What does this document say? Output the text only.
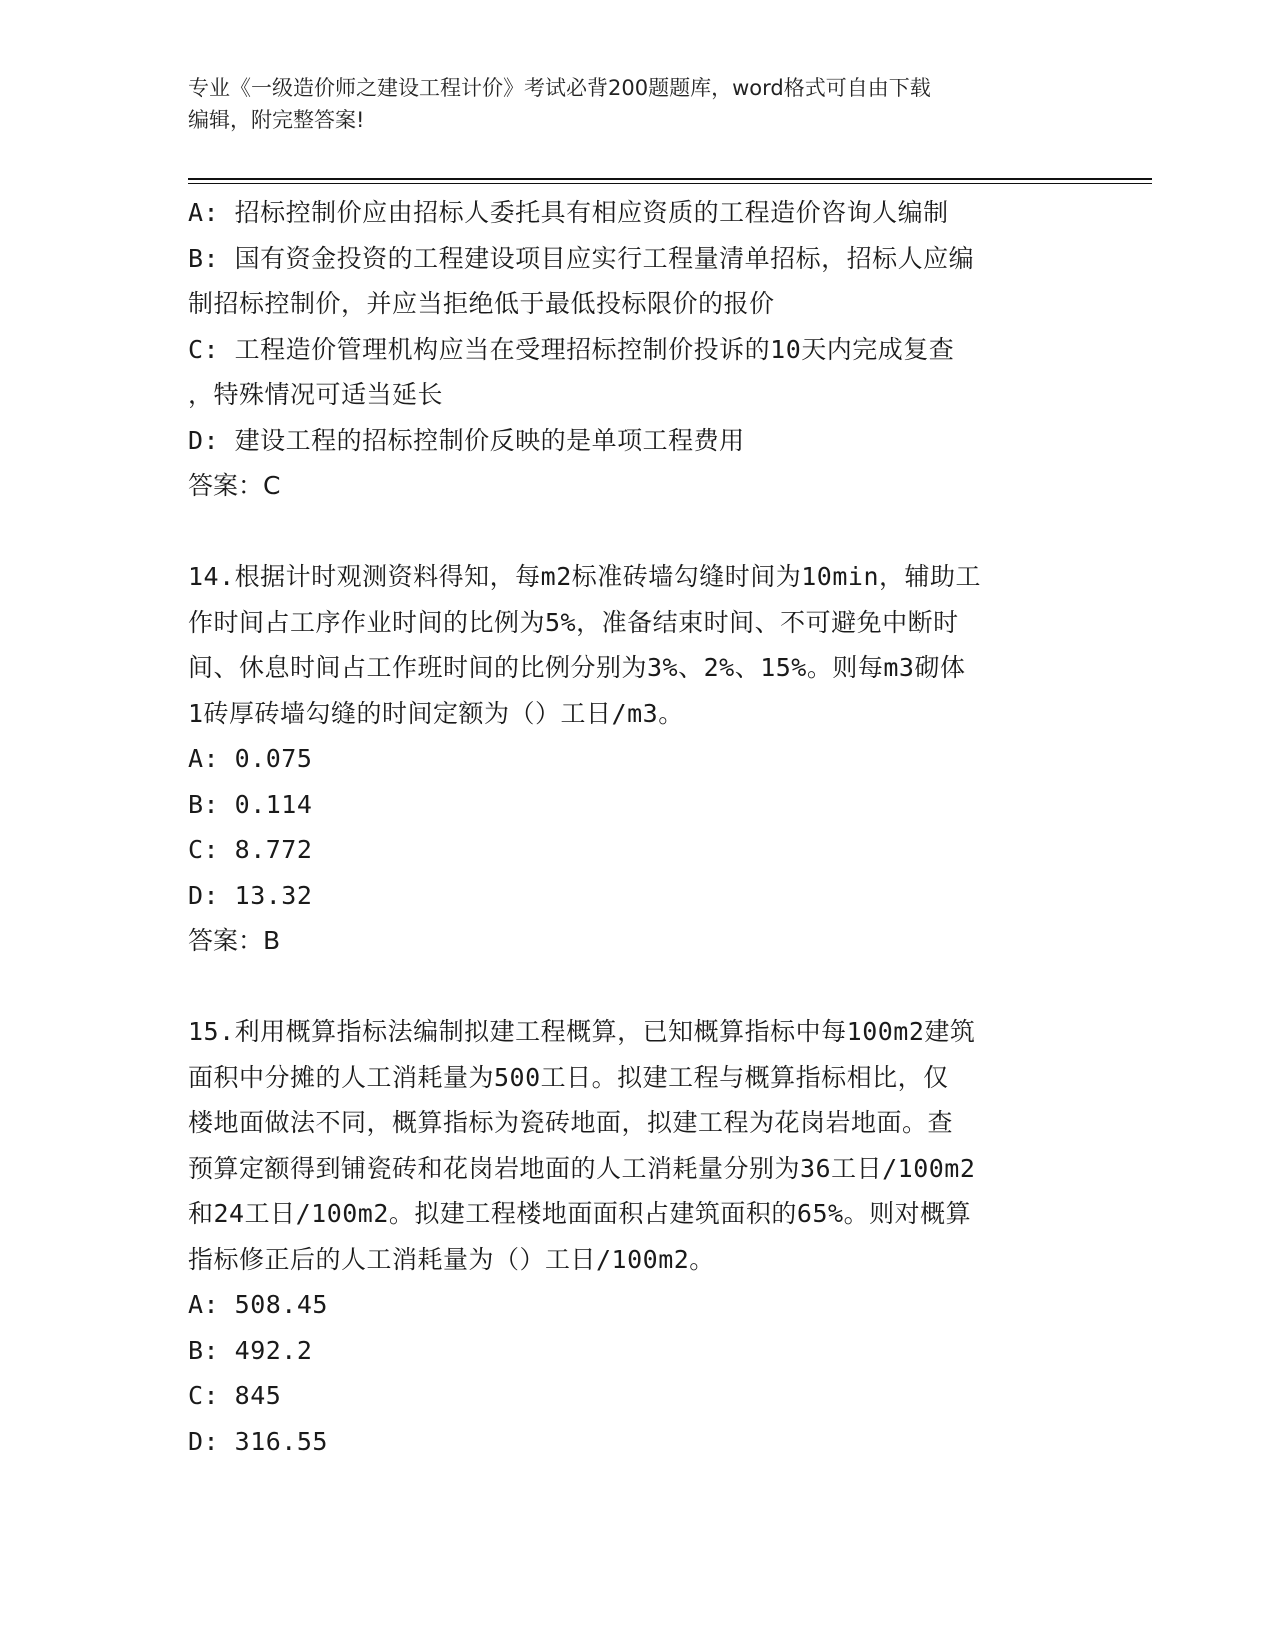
专业《一级造价师之建设工程计价》考试必背200题题库，word格式可自由下载
编辑，附完整答案!
A: 招标控制价应由招标人委托具有相应资质的工程造价咨询人编制
B: 国有资金投资的工程建设项目应实行工程量清单招标，招标人应编
制招标控制价，并应当拒绝低于最低投标限价的报价
C: 工程造价管理机构应当在受理招标控制价投诉的10天内完成复查
，特殊情况可适当延长
D: 建设工程的招标控制价反映的是单项工程费用
答案：C
14.根据计时观测资料得知，每m2标准砖墙勾缝时间为10min，辅助工
作时间占工序作业时间的比例为5%，准备结束时间、不可避免中断时
间、休息时间占工作班时间的比例分别为3%、2%、15%。则每m3砌体
1砖厚砖墙勾缝的时间定额为（）工日/m3。
A: 0.075
B: 0.114
C: 8.772
D: 13.32
答案：B
15.利用概算指标法编制拟建工程概算，已知概算指标中每100m2建筑
面积中分摊的人工消耗量为500工日。拟建工程与概算指标相比，仅
楼地面做法不同，概算指标为瓷砖地面，拟建工程为花岗岩地面。查
预算定额得到铺瓷砖和花岗岩地面的人工消耗量分别为36工日/100m2
和24工日/100m2。拟建工程楼地面面积占建筑面积的65%。则对概算
指标修正后的人工消耗量为（）工日/100m2。
A: 508.45
B: 492.2
C: 845
D: 316.55
